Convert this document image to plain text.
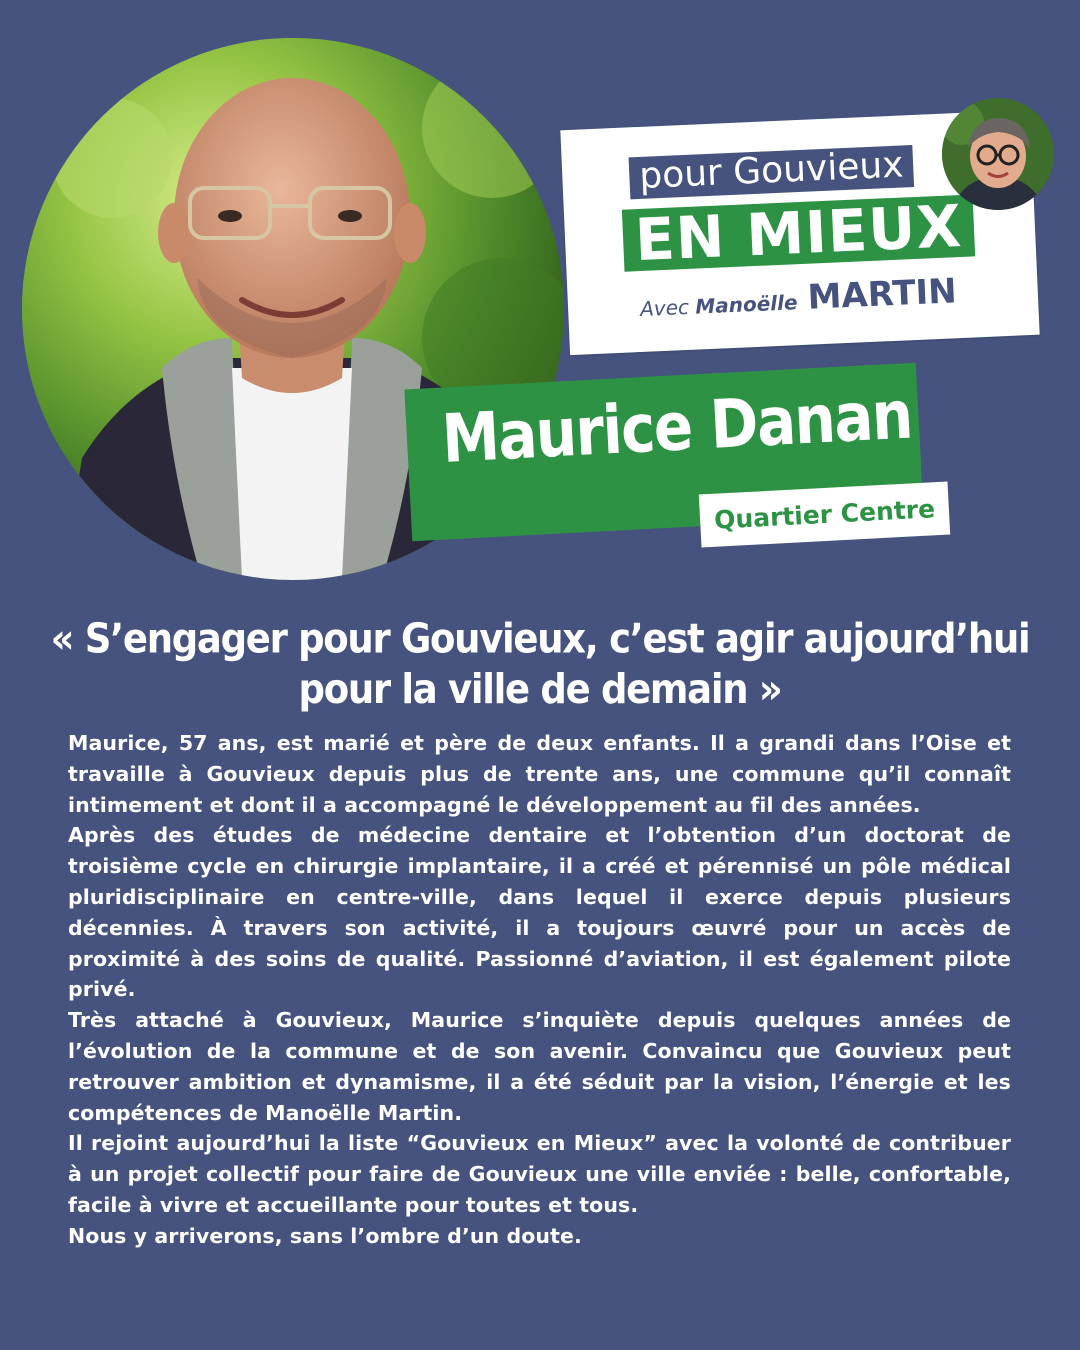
pour Gouvieux
EN MIEUX
Avec Manoëlle MARTIN
Maurice Danan
Quartier Centre
« S’engager pour Gouvieux, c’est agir aujourd’hui pour la ville de demain »

Maurice, 57 ans, est marié et père de deux enfants. Il a grandi dans l’Oise et travaille à Gouvieux depuis plus de trente ans, une commune qu’il connaît intimement et dont il a accompagné le développement au fil des années.

Après des études de médecine dentaire et l’obtention d’un doctorat de troisième cycle en chirurgie implantaire, il a créé et pérennisé un pôle médical pluridisciplinaire en centre-ville, dans lequel il exerce depuis plusieurs décennies. À travers son activité, il a toujours œuvré pour un accès de proximité à des soins de qualité. Passionné d’aviation, il est également pilote privé.

Très attaché à Gouvieux, Maurice s’inquiète depuis quelques années de l’évolution de la commune et de son avenir. Convaincu que Gouvieux peut retrouver ambition et dynamisme, il a été séduit par la vision, l’énergie et les compétences de Manoëlle Martin.

Il rejoint aujourd’hui la liste “Gouvieux en Mieux” avec la volonté de contribuer à un projet collectif pour faire de Gouvieux une ville enviée : belle, confortable, facile à vivre et accueillante pour toutes et tous.

Nous y arriverons, sans l’ombre d’un doute.
